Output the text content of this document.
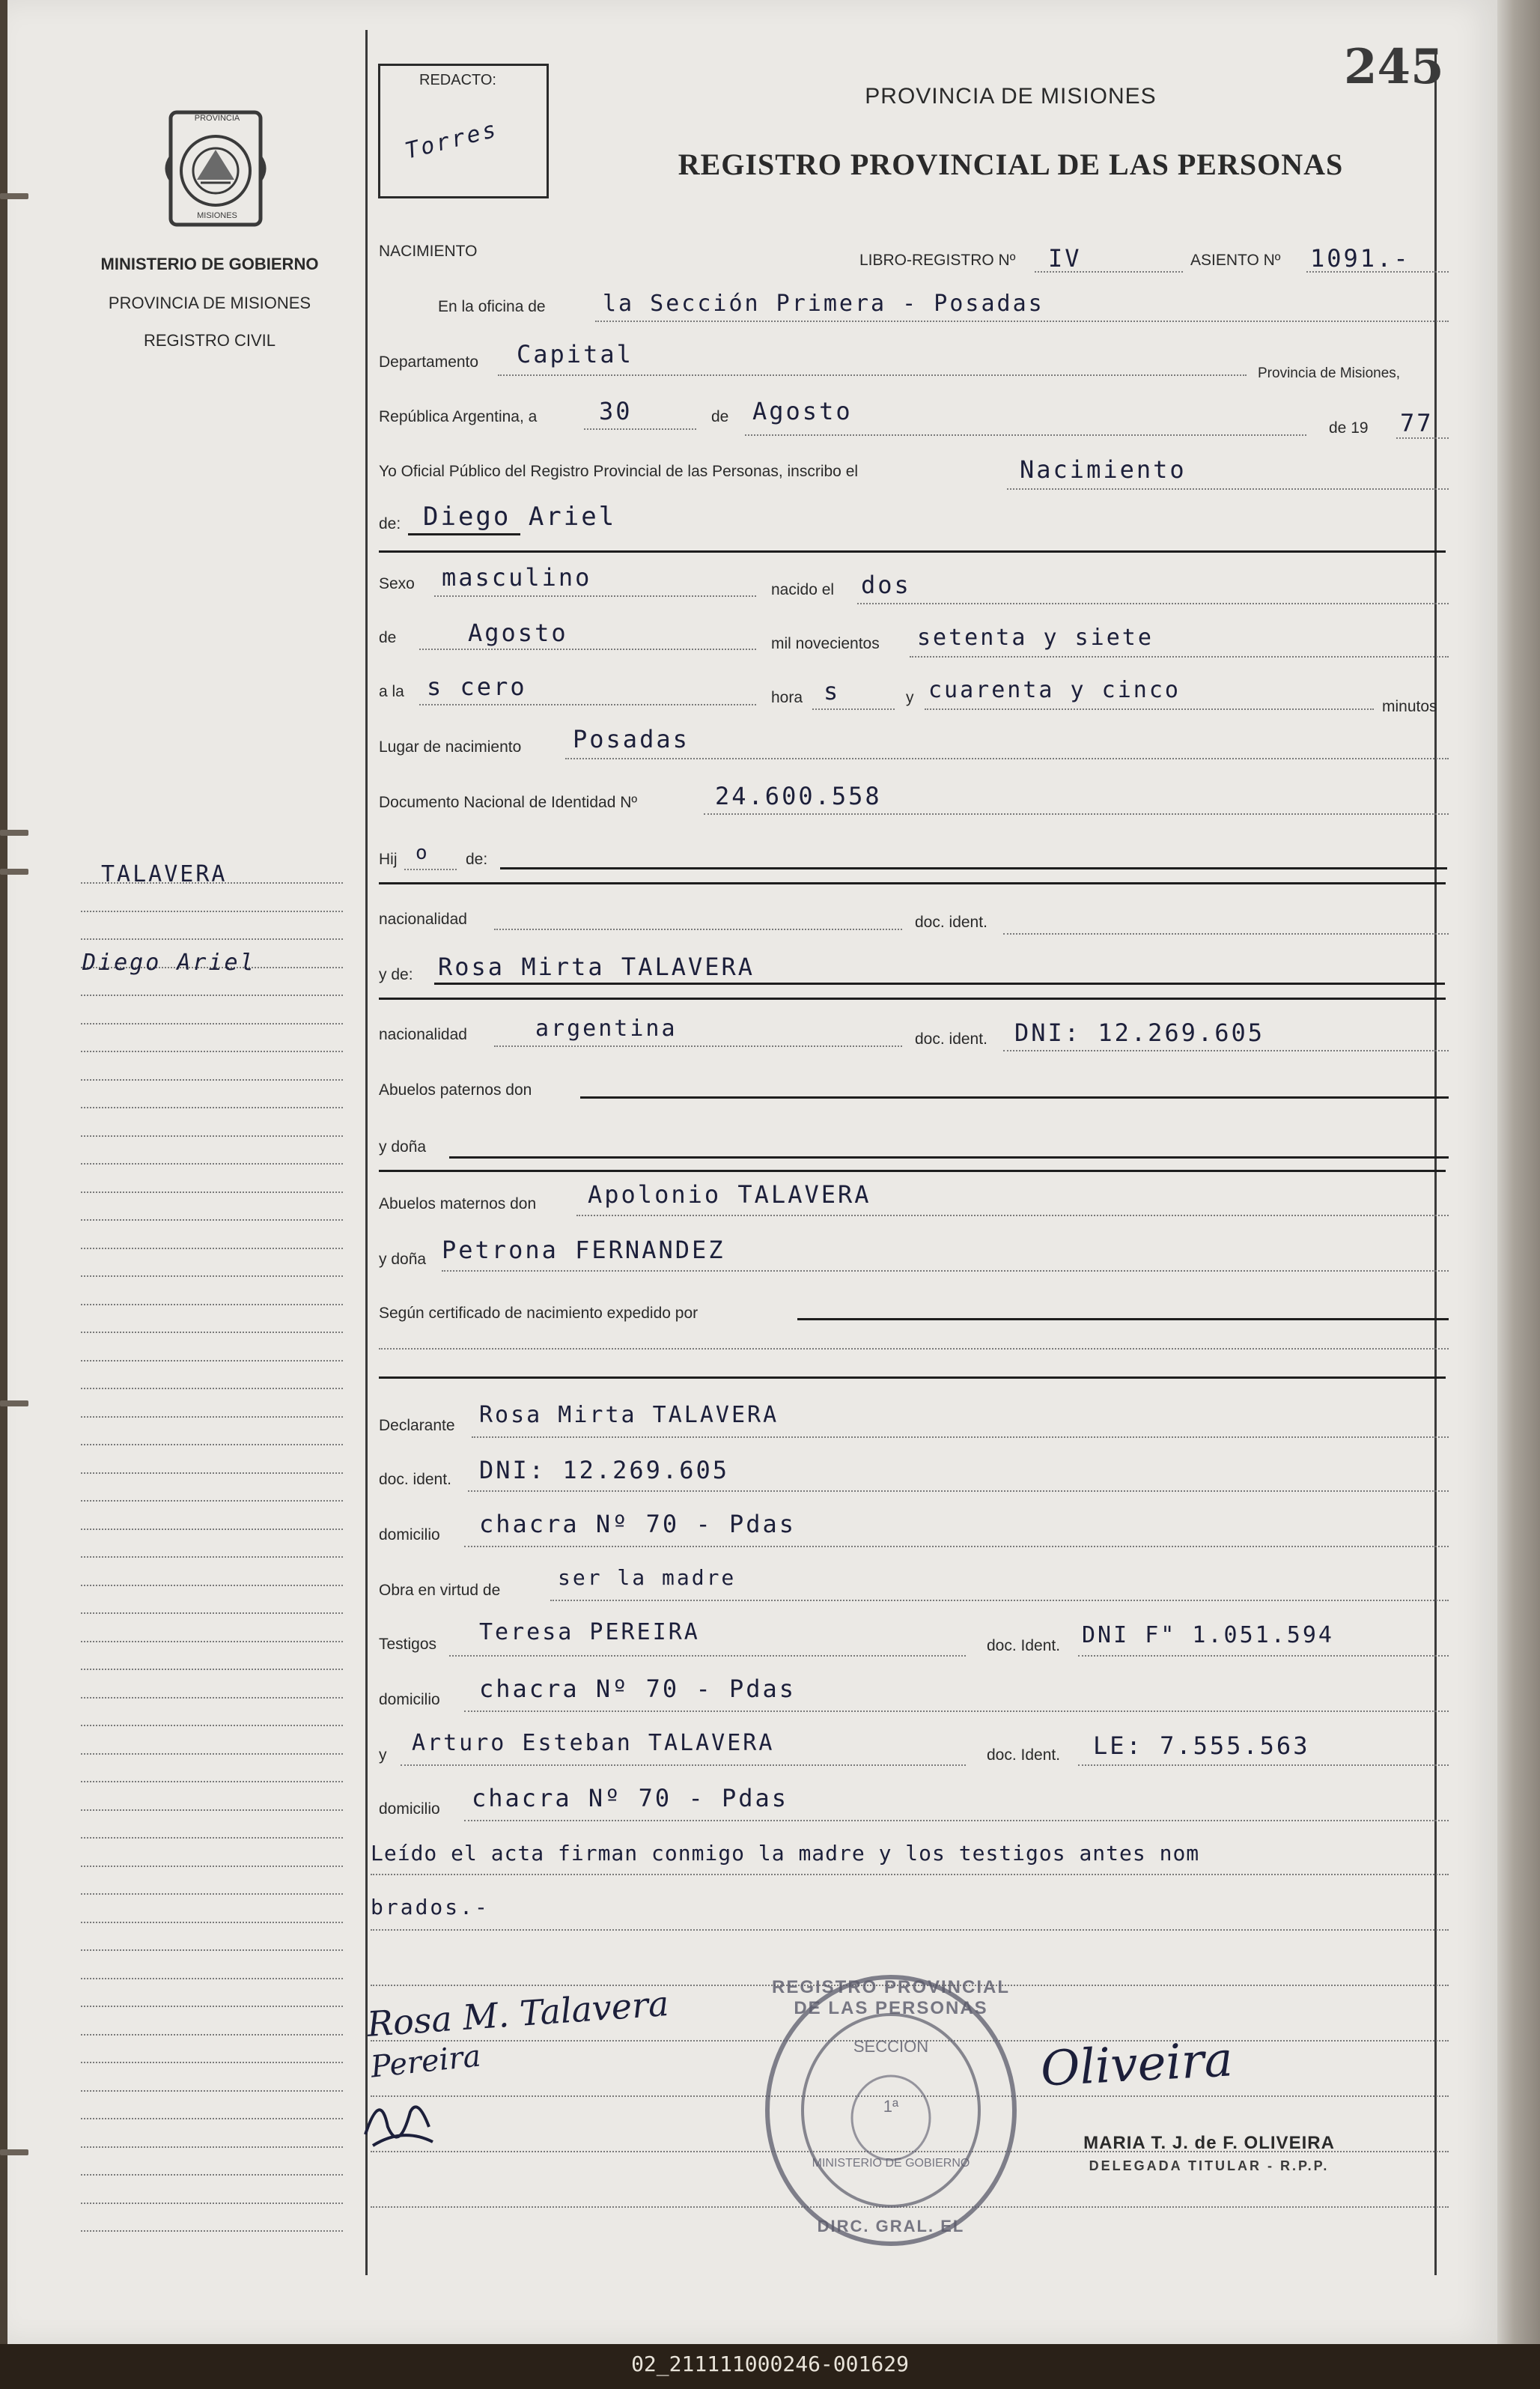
02_211111000246-001629
PROVINCIA
MISIONES
MINISTERIO DE GOBIERNO
PROVINCIA DE MISIONES
REGISTRO CIVIL
TALAVERA
Diego Ariel
REDACTO:
Torres
245
PROVINCIA DE MISIONES
REGISTRO PROVINCIAL DE LAS PERSONAS
NACIMIENTO
LIBRO-REGISTRO Nº IV	ASIENTO Nº 1091.-
En la oficina de	la Sección Primera - Posadas
Departamento Capital
Provincia de Misiones,
República Argentina, a	30	de Agosto
de 19 77
Yo Oficial Público del Registro Provincial de las Personas, inscribo el	Nacimiento
de: Diego Ariel
Sexo masculino	nacido el dos
de	Agosto	mil novecientos setenta y siete
a la s cero	hora s	y cuarenta y cinco
minutos
Lugar de nacimiento Posadas
Documento Nacional de Identidad Nº	24.600.558
Hij o de:
nacionalidad	doc. ident.
y de: Rosa Mirta TALAVERA
nacionalidad	argentina	doc. ident. DNI: 12.269.605
Abuelos paternos don
y doña
Abuelos maternos don Apolonio TALAVERA
y doña Petrona FERNANDEZ
Según certificado de nacimiento expedido por
Declarante Rosa Mirta TALAVERA
doc. ident. DNI: 12.269.605
domicilio chacra Nº 70 - Pdas
Obra en virtud de
ser la madre
Testigos Teresa PEREIRA
doc. Ident. DNI F" 1.051.594
domicilio chacra Nº 70 - Pdas
y Arturo Esteban TALAVERA	doc. Ident. LE: 7.555.563
domicilio chacra Nº 70 - Pdas
Leído el acta firman conmigo la madre y los testigos antes nom
brados.-
Rosa M. Talavera
Pereira
REGISTRO PROVINCIAL DE LAS PERSONAS
DIRC. GRAL. EL
SECCION
1ª
MINISTERIO DE GOBIERNO
Oliveira
MARIA T. J. de F. OLIVEIRA
DELEGADA TITULAR - R.P.P.
